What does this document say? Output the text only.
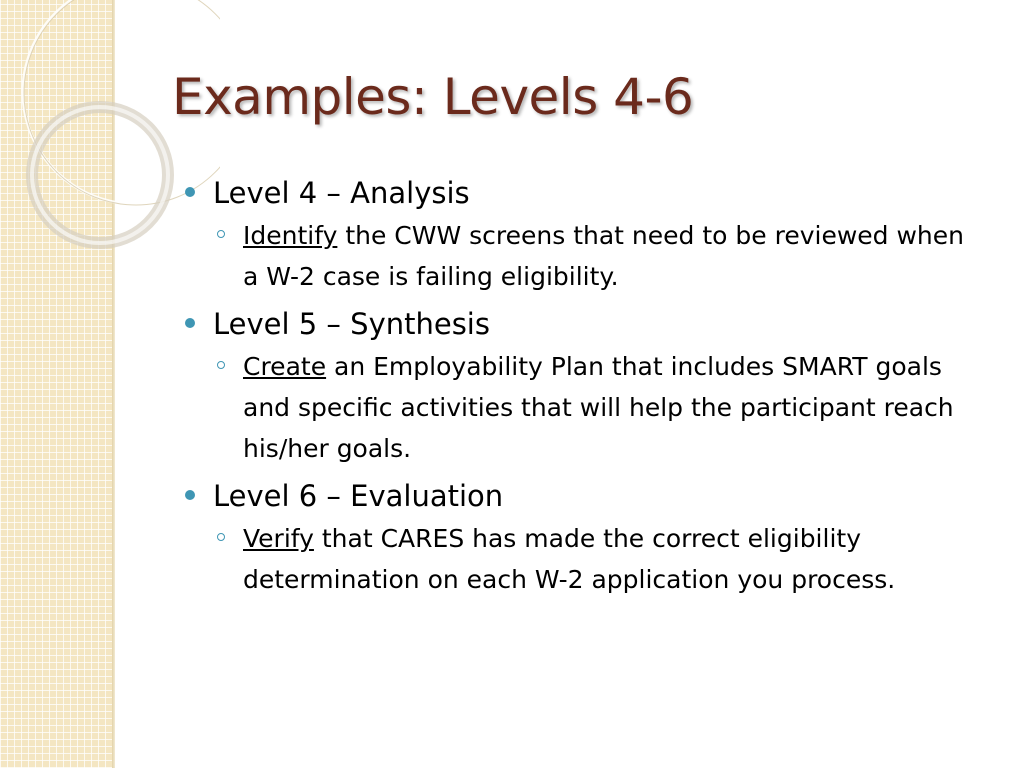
Examples: Levels 4-6
Level 4 – Analysis
Identify the CWW screens that need to be reviewed when a W-2 case is failing eligibility.
Level 5 – Synthesis
Create an Employability Plan that includes SMART goals and specific activities that will help the participant reach his/her goals.
Level 6 – Evaluation
Verify that CARES has made the correct eligibility determination on each W-2 application you process.
